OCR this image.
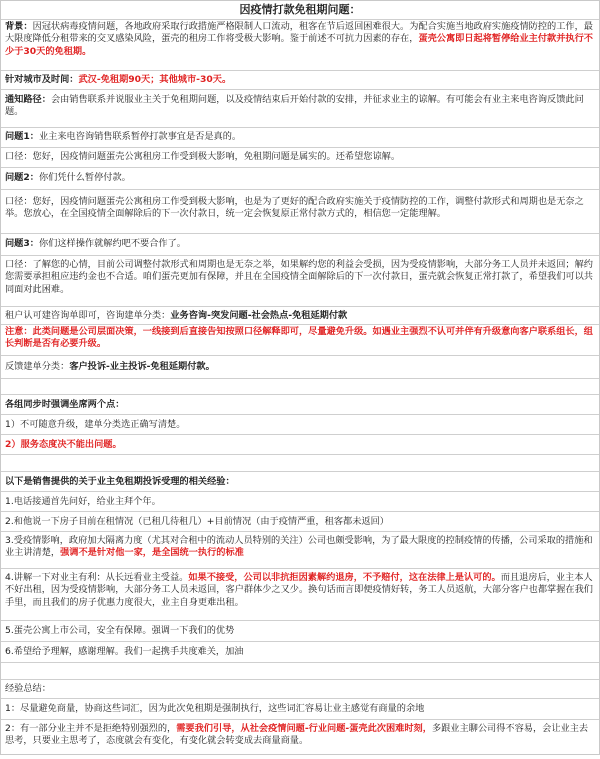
因疫情打款免租期问题：
背景：因冠状病毒疫情问题，各地政府采取行政措施严格限制人口流动，租客在节后返回困难很大。为配合实施当地政府实施疫情防控的工作，最大限度降低分租带来的交叉感染风险，蛋壳的租房工作将受极大影响。鉴于前述不可抗力因素的存在，蛋壳公寓即日起将暂停给业主付款并执行不少于30天的免租期。
针对城市及时间：武汉-免租期90天；其他城市-30天。
通知路径：会由销售联系并说服业主关于免租期问题，以及疫情结束后开始付款的安排，并征求业主的谅解。有可能会有业主来电咨询反馈此问题。
问题1：业主来电咨询销售联系暂停打款事宜是否是真的。
口径：您好，因疫情问题蛋壳公寓租房工作受到极大影响，免租期问题是属实的。还希望您谅解。
问题2：你们凭什么暂停付款。
口径：您好，因疫情问题蛋壳公寓租房工作受到极大影响，也是为了更好的配合政府实施关于疫情防控的工作，调整付款形式和周期也是无奈之举。您放心，在全国疫情全面解除后的下一次付款日，统一定会恢复原正常付款方式的，相信您一定能理解。
问题3：你们这样操作就解约吧不要合作了。
口径：了解您的心情，目前公司调整付款形式和周期也是无奈之举，如果解约您的利益会受损，因为受疫情影响，大部分务工人员并未返回；解约您需要承担租应违约金也不合适。咱们蛋壳更加有保障，并且在全国疫情全面解除后的下一次付款日，蛋壳就会恢复正常打款了，希望我们可以共同面对此困难。
租户认可建咨询单即可，咨询建单分类：业务咨询-突发问题-社会热点-免租延期付款
注意：此类问题是公司层面决策，一线接到后直接告知按照口径解释即可，尽量避免升级。如遇业主强烈不认可并伴有升级意向客户联系组长，组长判断是否有必要升级。
反馈建单分类：客户投诉-业主投诉-免租延期付款。
各组同步时强调坐席两个点：
1）不可随意升级，建单分类选正确写清楚。
2）服务态度决不能出问题。
以下是销售提供的关于业主免租期投诉受理的相关经验：
1.电话接通首先问好，给业主拜个年。
2.和他说一下房子目前在租情况（已租几待租几）+目前情况（由于疫情严重，租客都未返回）
3.受疫情影响，政府加大隔离力度（尤其对合租中的流动人员特别的关注）公司也颇受影响，为了最大限度的控制疫情的传播，公司采取的措施和业主讲清楚，强调不是针对他一家，是全国统一执行的标准
4.讲解一下对业主有利：从长远看业主受益。如果不接受，公司以非抗拒因素解约退房，不予赔付，这在法律上是认可的。而且退房后，业主本人不好出租，因为受疫情影响，大部分务工人员未返回，客户群体少之又少。换句话而言即便疫情好转，务工人员返航，大部分客户也都掌握在我们手里，而且我们的房子优惠力度很大，业主自身更难出租。
5.蛋壳公寓上市公司，安全有保障。强调一下我们的优势
6.希望给予理解，感谢理解。我们一起携手共度难关，加油
经验总结：
1：尽量避免商量，协商这些词汇，因为此次免租期是强制执行，这些词汇容易让业主感觉有商量的余地
2：有一部分业主并不是拒绝特别强烈的，需要我们引导，从社会疫情问题-行业问题-蛋壳此次困难时刻，多跟业主聊公司得不容易，会让业主去思考，只要业主思考了，态度就会有变化，有变化就会转变成去商量商量。
